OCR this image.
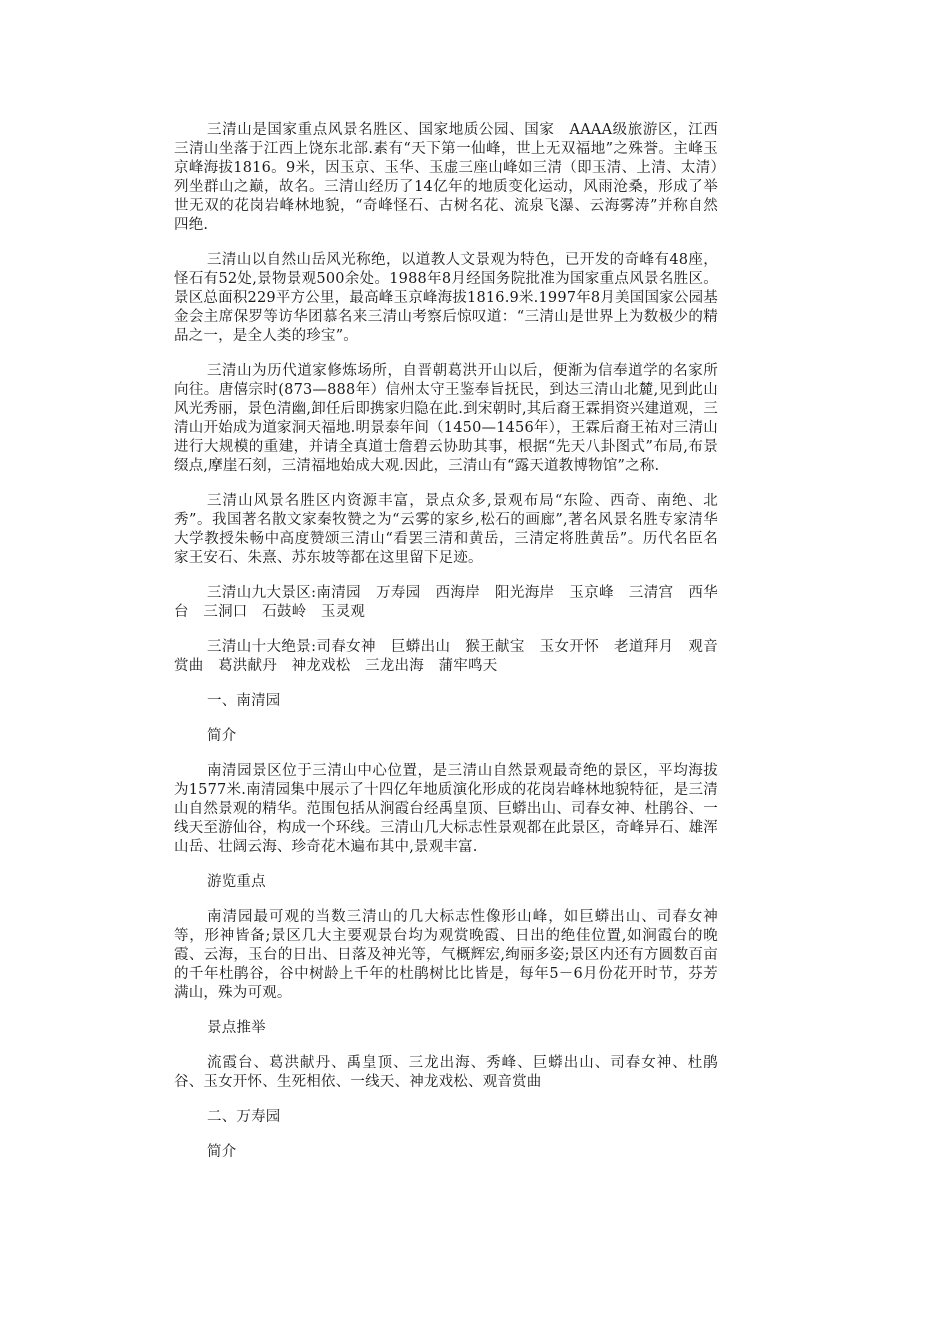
三清山是国家重点风景名胜区、国家地质公园、国家　AAAA级旅游区，江西三清山坐落于江西上饶东北部.素有“天下第一仙峰，世上无双福地”之殊誉。主峰玉京峰海拔1816。9米，因玉京、玉华、玉虚三座山峰如三清（即玉清、上清、太清）列坐群山之巅，故名。三清山经历了14亿年的地质变化运动，风雨沧桑，形成了举世无双的花岗岩峰林地貌，“奇峰怪石、古树名花、流泉飞瀑、云海雾涛”并称自然四绝.

三清山以自然山岳风光称绝，以道教人文景观为特色，已开发的奇峰有48座，怪石有52处,景物景观500余处。1988年8月经国务院批准为国家重点风景名胜区。景区总面积229平方公里，最高峰玉京峰海拔1816.9米.1997年8月美国国家公园基金会主席保罗等访华团慕名来三清山考察后惊叹道：“三清山是世界上为数极少的精品之一，是全人类的珍宝”。

三清山为历代道家修炼场所，自晋朝葛洪开山以后，便渐为信奉道学的名家所向往。唐僖宗时(873—888年）信州太守王鉴奉旨抚民，到达三清山北麓,见到此山风光秀丽，景色清幽,卸任后即携家归隐在此.到宋朝时,其后裔王霖捐资兴建道观，三清山开始成为道家洞天福地.明景泰年间（1450—1456年），王霖后裔王祐对三清山进行大规模的重建，并请全真道士詹碧云协助其事，根据“先天八卦图式”布局,布景缀点,摩崖石刻，三清福地始成大观.因此，三清山有“露天道教博物馆”之称.

三清山风景名胜区内资源丰富，景点众多,景观布局“东险、西奇、南绝、北秀”。我国著名散文家秦牧赞之为“云雾的家乡,松石的画廊”,著名风景名胜专家清华大学教授朱畅中高度赞颂三清山“看罢三清和黄岳，三清定将胜黄岳”。历代名臣名家王安石、朱熹、苏东坡等都在这里留下足迹。

三清山九大景区:南清园　万寿园　西海岸　阳光海岸　玉京峰　三清宫　西华台　三洞口　石鼓岭　玉灵观

三清山十大绝景:司春女神　巨蟒出山　猴王献宝　玉女开怀　老道拜月　观音赏曲　葛洪献丹　神龙戏松　三龙出海　蒲牢鸣天

一、南清园

简介

南清园景区位于三清山中心位置，是三清山自然景观最奇绝的景区，平均海拔为1577米.南清园集中展示了十四亿年地质演化形成的花岗岩峰林地貌特征，是三清山自然景观的精华。范围包括从涧霞台经禹皇顶、巨蟒出山、司春女神、杜鹃谷、一线天至游仙谷，构成一个环线。三清山几大标志性景观都在此景区，奇峰异石、雄浑山岳、壮阔云海、珍奇花木遍布其中,景观丰富.

游览重点

南清园最可观的当数三清山的几大标志性像形山峰，如巨蟒出山、司春女神等，形神皆备;景区几大主要观景台均为观赏晚霞、日出的绝佳位置,如涧霞台的晚霞、云海，玉台的日出、日落及神光等，气概辉宏,绚丽多姿;景区内还有方圆数百亩的千年杜鹃谷，谷中树龄上千年的杜鹃树比比皆是，每年5－6月份花开时节，芬芳满山，殊为可观。

景点推举

流霞台、葛洪献丹、禹皇顶、三龙出海、秀峰、巨蟒出山、司春女神、杜鹃谷、玉女开怀、生死相依、一线天、神龙戏松、观音赏曲

二、万寿园

简介
